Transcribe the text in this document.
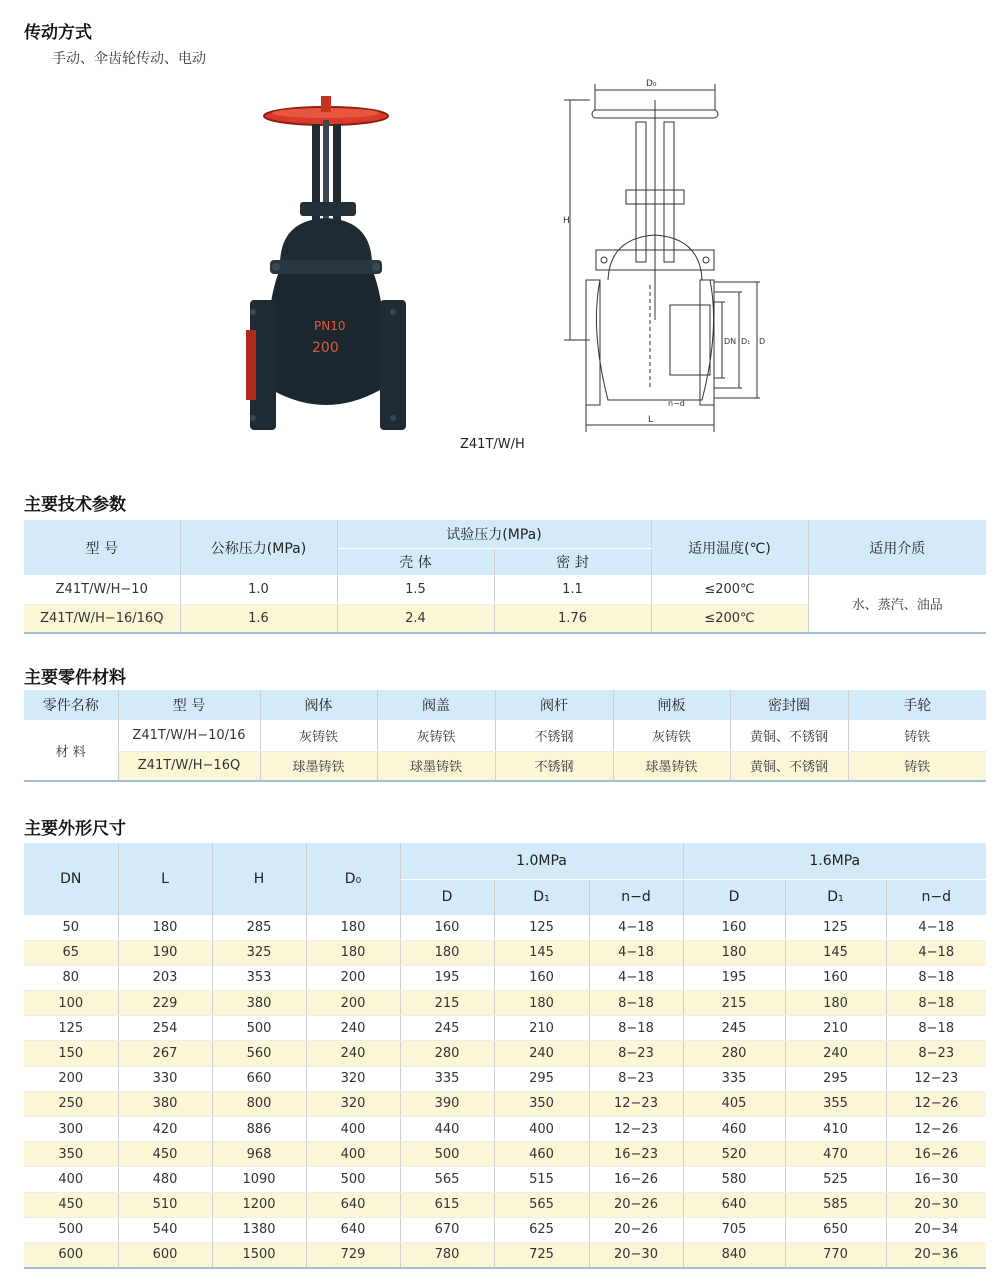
传动方式
手动、伞齿轮传动、电动
PN10
200
D₀
H
DN D₁ D
n−d
L
Z41T/W/H
主要技术参数
型 号	公称压力(MPa)	试验压力(MPa)		适用温度(℃)	适用介质
		壳 体	密 封		
Z41T/W/H−10	1.0	1.5	1.1	≤200℃	水、蒸汽、油品
Z41T/W/H−16/16Q	1.6	2.4	1.76	≤200℃	
主要零件材料
零件名称	型 号	阀体	阀盖	阀杆	闸板	密封圈	手轮
材 料	Z41T/W/H−10/16	灰铸铁	灰铸铁	不锈钢	灰铸铁	黄铜、不锈钢	铸铁
	Z41T/W/H−16Q	球墨铸铁	球墨铸铁	不锈钢	球墨铸铁	黄铜、不锈钢	铸铁
主要外形尺寸
DN	L	H	D₀	1.0MPa			1.6MPa		
				D	D₁	n−d	D	D₁	n−d
50	180	285	180	160	125	4−18	160	125	4−18
65	190	325	180	180	145	4−18	180	145	4−18
80	203	353	200	195	160	4−18	195	160	8−18
100	229	380	200	215	180	8−18	215	180	8−18
125	254	500	240	245	210	8−18	245	210	8−18
150	267	560	240	280	240	8−23	280	240	8−23
200	330	660	320	335	295	8−23	335	295	12−23
250	380	800	320	390	350	12−23	405	355	12−26
300	420	886	400	440	400	12−23	460	410	12−26
350	450	968	400	500	460	16−23	520	470	16−26
400	480	1090	500	565	515	16−26	580	525	16−30
450	510	1200	640	615	565	20−26	640	585	20−30
500	540	1380	640	670	625	20−26	705	650	20−34
600	600	1500	729	780	725	20−30	840	770	20−36
